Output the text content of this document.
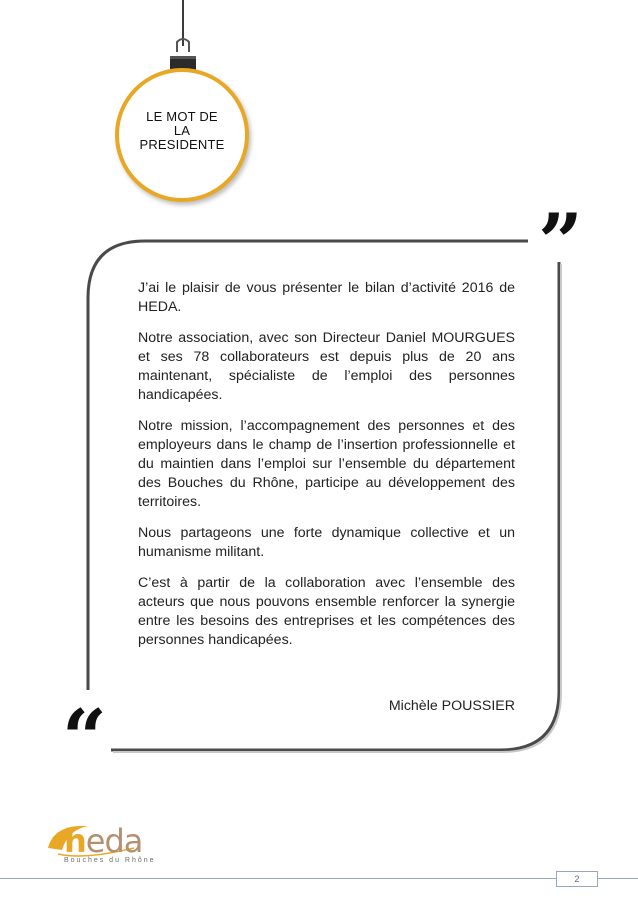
LE MOT DE
LA
PRESIDENTE
”
“

J’ai le plaisir de vous présenter le bilan d’activité 2016 de HEDA.

Notre association, avec son Directeur Daniel MOURGUES et ses 78 collaborateurs est depuis plus de 20 ans maintenant, spécialiste de l’emploi des personnes handicapées.

Notre mission, l’accompagnement des personnes et des employeurs dans le champ de l’insertion professionnelle et du maintien dans l’emploi sur l’ensemble du département des Bouches du Rhône, participe au développement des territoires.

Nous partageons une forte dynamique collective et un humanisme militant.

C’est à partir de la collaboration avec l’ensemble des acteurs que nous pouvons ensemble renforcer la synergie entre les besoins des entreprises et les compétences des personnes handicapées.

Michèle POUSSIER
heda
Bouches du Rhône
2
